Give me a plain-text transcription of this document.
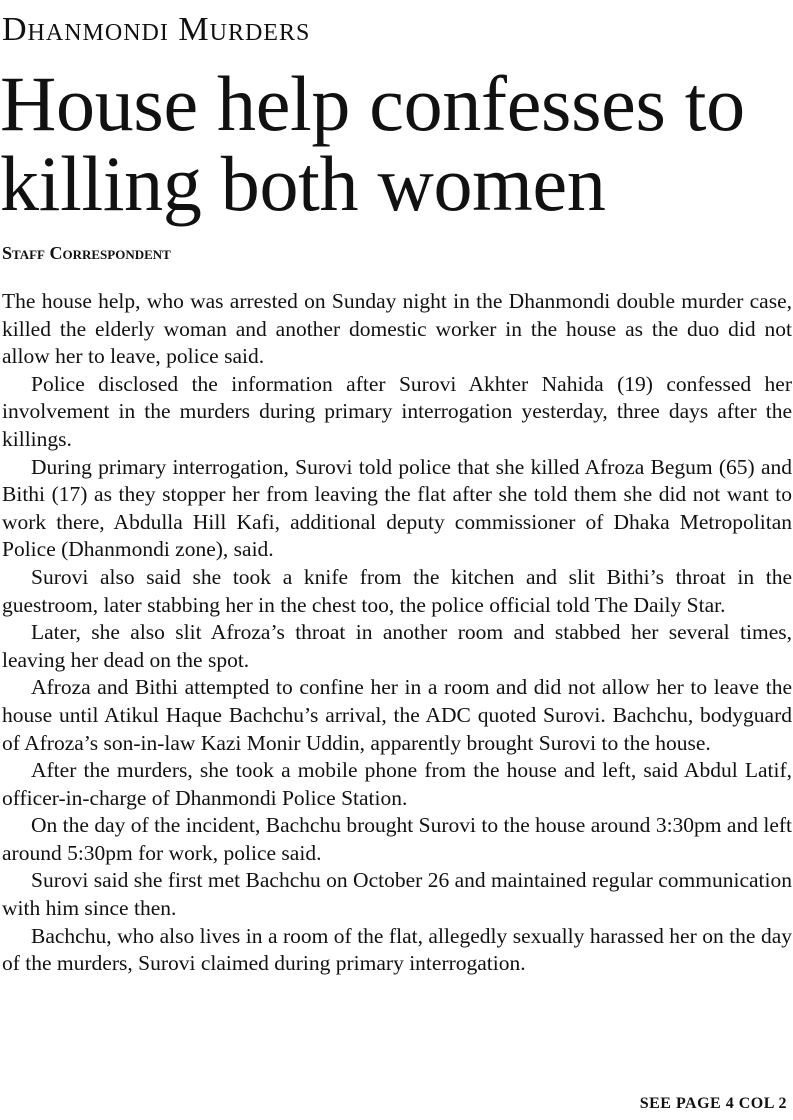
Dhanmondi Murders
House help confesses to killing both women
Staff Correspondent

The house help, who was arrested on Sunday night in the Dhanmondi double murder case, killed the elderly woman and another domestic worker in the house as the duo did not allow her to leave, police said.

Police disclosed the information after Surovi Akhter Nahida (19) confessed her involvement in the murders during primary interrogation yesterday, three days after the killings.

During primary interrogation, Surovi told police that she killed Afroza Begum (65) and Bithi (17) as they stopper her from leaving the flat after she told them she did not want to work there, Abdulla Hill Kafi, additional deputy commissioner of Dhaka Metropolitan Police (Dhanmondi zone), said.

Surovi also said she took a knife from the kitchen and slit Bithi’s throat in the guestroom, later stabbing her in the chest too, the police official told The Daily Star.

Later, she also slit Afroza’s throat in another room and stabbed her several times, leaving her dead on the spot.

Afroza and Bithi attempted to confine her in a room and did not allow her to leave the house until Atikul Haque Bachchu’s arrival, the ADC quoted Surovi. Bachchu, bodyguard of Afroza’s son-in-law Kazi Monir Uddin, apparently brought Surovi to the house.

After the murders, she took a mobile phone from the house and left, said Abdul Latif, officer-in-charge of Dhanmondi Police Station.

On the day of the incident, Bachchu brought Surovi to the house around 3:30pm and left around 5:30pm for work, police said.

Surovi said she first met Bachchu on October 26 and maintained regular communication with him since then.

Bachchu, who also lives in a room of the flat, allegedly sexually harassed her on the day of the murders, Surovi claimed during primary interrogation.

SEE PAGE 4 COL 2
